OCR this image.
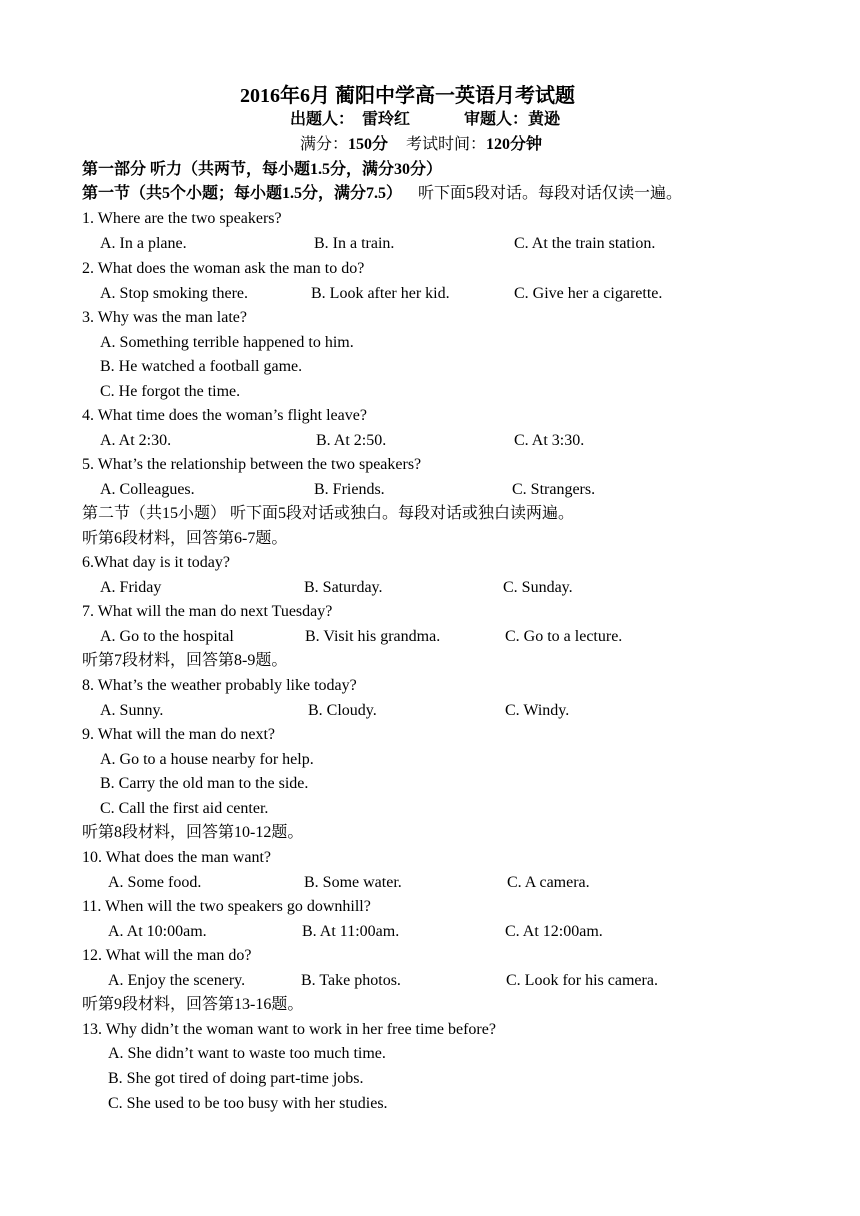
2016年6月 蔺阳中学高一英语月考试题
出题人： 雷玲红	审题人：黄逊
满分：150分 考试时间：120分钟
第一部分 听力（共两节，每小题1.5分，满分30分）
第一节（共5个小题；每小题1.5分，满分7.5） 听下面5段对话。每段对话仅读一遍。
1. Where are the two speakers?
A. In a plane.	B. In a train.	C. At the train station.
2. What does the woman ask the man to do?
A. Stop smoking there.	B. Look after her kid.	C. Give her a cigarette.
3. Why was the man late?
A. Something terrible happened to him.
B. He watched a football game.
C. He forgot the time.
4. What time does the woman’s flight leave?
A. At 2:30.	B. At 2:50.	C. At 3:30.
5. What’s the relationship between the two speakers?
A. Colleagues.	B. Friends.	C. Strangers.
第二节（共15小题） 听下面5段对话或独白。每段对话或独白读两遍。
听第6段材料，回答第6-7题。
6.What day is it today?
A. Friday	B. Saturday.	C. Sunday.
7. What will the man do next Tuesday?
A. Go to the hospital	B. Visit his grandma.	C. Go to a lecture.
听第7段材料，回答第8-9题。
8. What’s the weather probably like today?
A. Sunny.	B. Cloudy.	C. Windy.
9. What will the man do next?
A. Go to a house nearby for help.
B. Carry the old man to the side.
C. Call the first aid center.
听第8段材料，回答第10-12题。
10. What does the man want?
A. Some food.	B. Some water.	C. A camera.
11. When will the two speakers go downhill?
A. At 10:00am.	B. At 11:00am.	C. At 12:00am.
12. What will the man do?
A. Enjoy the scenery.	B. Take photos.	C. Look for his camera.
听第9段材料，回答第13-16题。
13. Why didn’t the woman want to work in her free time before?
A. She didn’t want to waste too much time.
B. She got tired of doing part-time jobs.
C. She used to be too busy with her studies.
